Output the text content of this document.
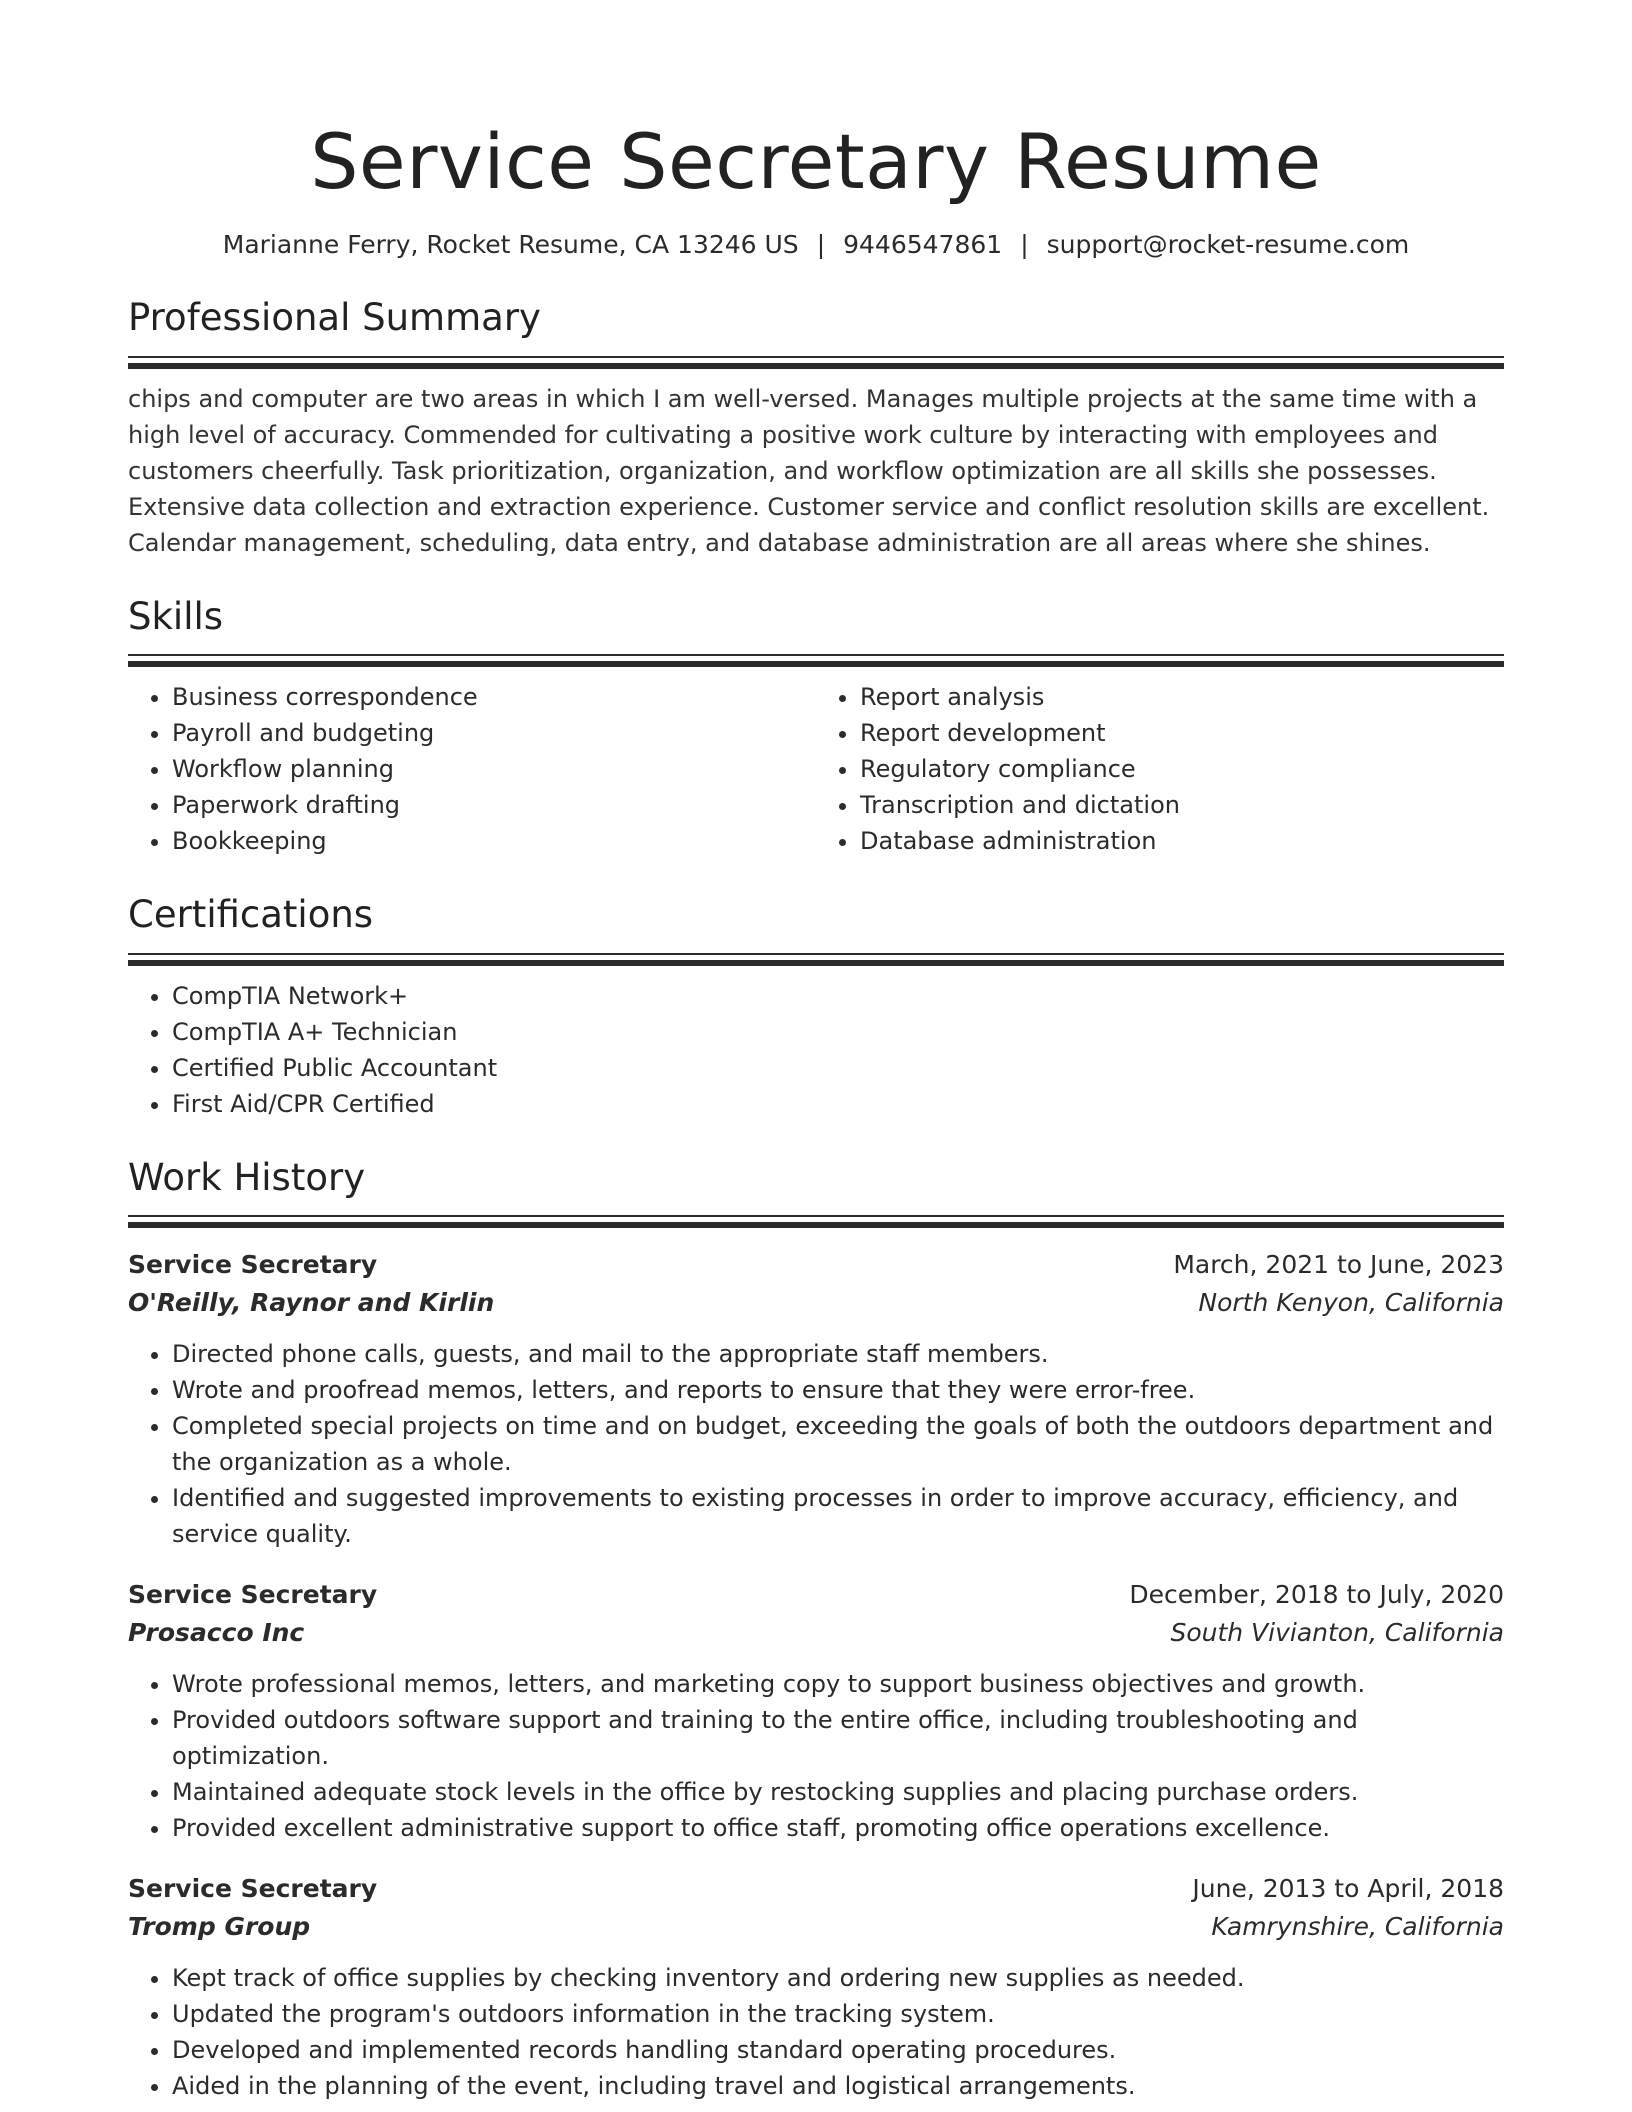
Service Secretary Resume
Marianne Ferry, Rocket Resume, CA 13246 US | 9446547861 | support@rocket-resume.com
Professional Summary
chips and computer are two areas in which I am well-versed. Manages multiple projects at the same time with a high level of accuracy. Commended for cultivating a positive work culture by interacting with employees and customers cheerfully. Task prioritization, organization, and workflow optimization are all skills she possesses. Extensive data collection and extraction experience. Customer service and conflict resolution skills are excellent. Calendar management, scheduling, data entry, and database administration are all areas where she shines.
Skills
• Business correspondence
• Payroll and budgeting
• Workflow planning
• Paperwork drafting
• Bookkeeping
• Report analysis
• Report development
• Regulatory compliance
• Transcription and dictation
• Database administration
Certifications
• CompTIA Network+
• CompTIA A+ Technician
• Certified Public Accountant
• First Aid/CPR Certified
Work History
Service Secretary	March, 2021 to June, 2023
O'Reilly, Raynor and Kirlin	North Kenyon, California
• Directed phone calls, guests, and mail to the appropriate staff members.
• Wrote and proofread memos, letters, and reports to ensure that they were error-free.
• Completed special projects on time and on budget, exceeding the goals of both the outdoors department and the organization as a whole.
• Identified and suggested improvements to existing processes in order to improve accuracy, efficiency, and service quality.
Service Secretary	December, 2018 to July, 2020
Prosacco Inc	South Vivianton, California
• Wrote professional memos, letters, and marketing copy to support business objectives and growth.
• Provided outdoors software support and training to the entire office, including troubleshooting and optimization.
• Maintained adequate stock levels in the office by restocking supplies and placing purchase orders.
• Provided excellent administrative support to office staff, promoting office operations excellence.
Service Secretary	June, 2013 to April, 2018
Tromp Group	Kamrynshire, California
• Kept track of office supplies by checking inventory and ordering new supplies as needed.
• Updated the program's outdoors information in the tracking system.
• Developed and implemented records handling standard operating procedures.
• Aided in the planning of the event, including travel and logistical arrangements.
